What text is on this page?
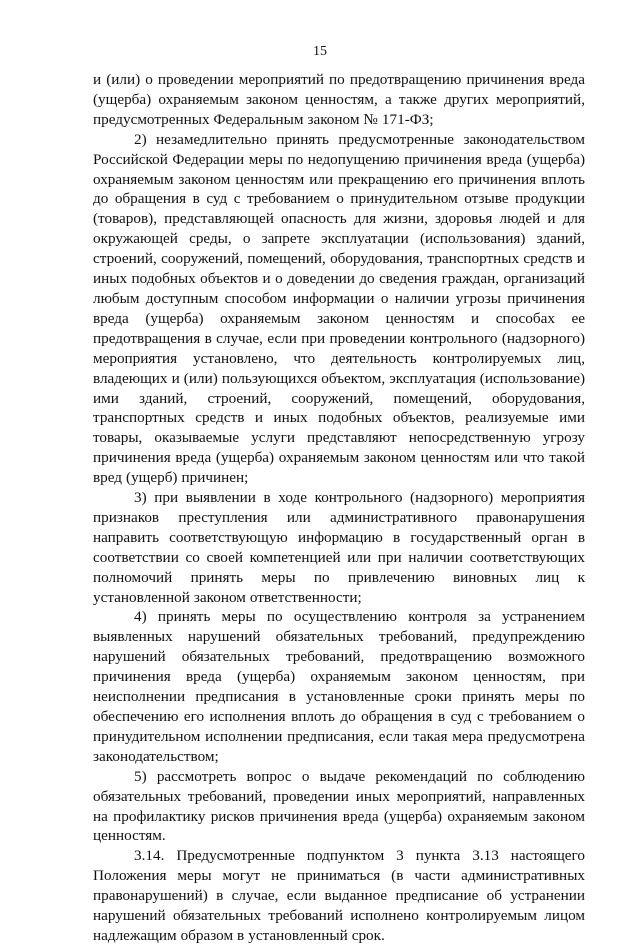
15

и (или) о проведении мероприятий по предотвращению причинения вреда (ущерба) охраняемым законом ценностям, а также других мероприятий, предусмотренных Федеральным законом № 171-ФЗ;

2) незамедлительно принять предусмотренные законодательством Российской Федерации меры по недопущению причинения вреда (ущерба) охраняемым законом ценностям или прекращению его причинения вплоть до обращения в суд с требованием о принудительном отзыве продукции (товаров), представляющей опасность для жизни, здоровья людей и для окружающей среды, о запрете эксплуатации (использования) зданий, строений, сооружений, помещений, оборудования, транспортных средств и иных подобных объектов и о доведении до сведения граждан, организаций любым доступным способом информации о наличии угрозы причинения вреда (ущерба) охраняемым законом ценностям и способах ее предотвращения в случае, если при проведении контрольного (надзорного) мероприятия установлено, что деятельность контролируемых лиц, владеющих и (или) пользующихся объектом, эксплуатация (использование) ими зданий, строений, сооружений, помещений, оборудования, транспортных средств и иных подобных объектов, реализуемые ими товары, оказываемые услуги представляют непосредственную угрозу причинения вреда (ущерба) охраняемым законом ценностям или что такой вред (ущерб) причинен;

3) при выявлении в ходе контрольного (надзорного) мероприятия признаков преступления или административного правонарушения направить соответствующую информацию в государственный орган в соответствии со своей компетенцией или при наличии соответствующих полномочий принять меры по привлечению виновных лиц к установленной законом ответственности;

4) принять меры по осуществлению контроля за устранением выявленных нарушений обязательных требований, предупреждению нарушений обязательных требований, предотвращению возможного причинения вреда (ущерба) охраняемым законом ценностям, при неисполнении предписания в установленные сроки принять меры по обеспечению его исполнения вплоть до обращения в суд с требованием о принудительном исполнении предписания, если такая мера предусмотрена законодательством;

5) рассмотреть вопрос о выдаче рекомендаций по соблюдению обязательных требований, проведении иных мероприятий, направленных на профилактику рисков причинения вреда (ущерба) охраняемым законом ценностям.

3.14. Предусмотренные подпунктом 3 пункта 3.13 настоящего Положения меры могут не приниматься (в части административных правонарушений) в случае, если выданное предписание об устранении нарушений обязательных требований исполнено контролируемым лицом надлежащим образом в установленный срок.
